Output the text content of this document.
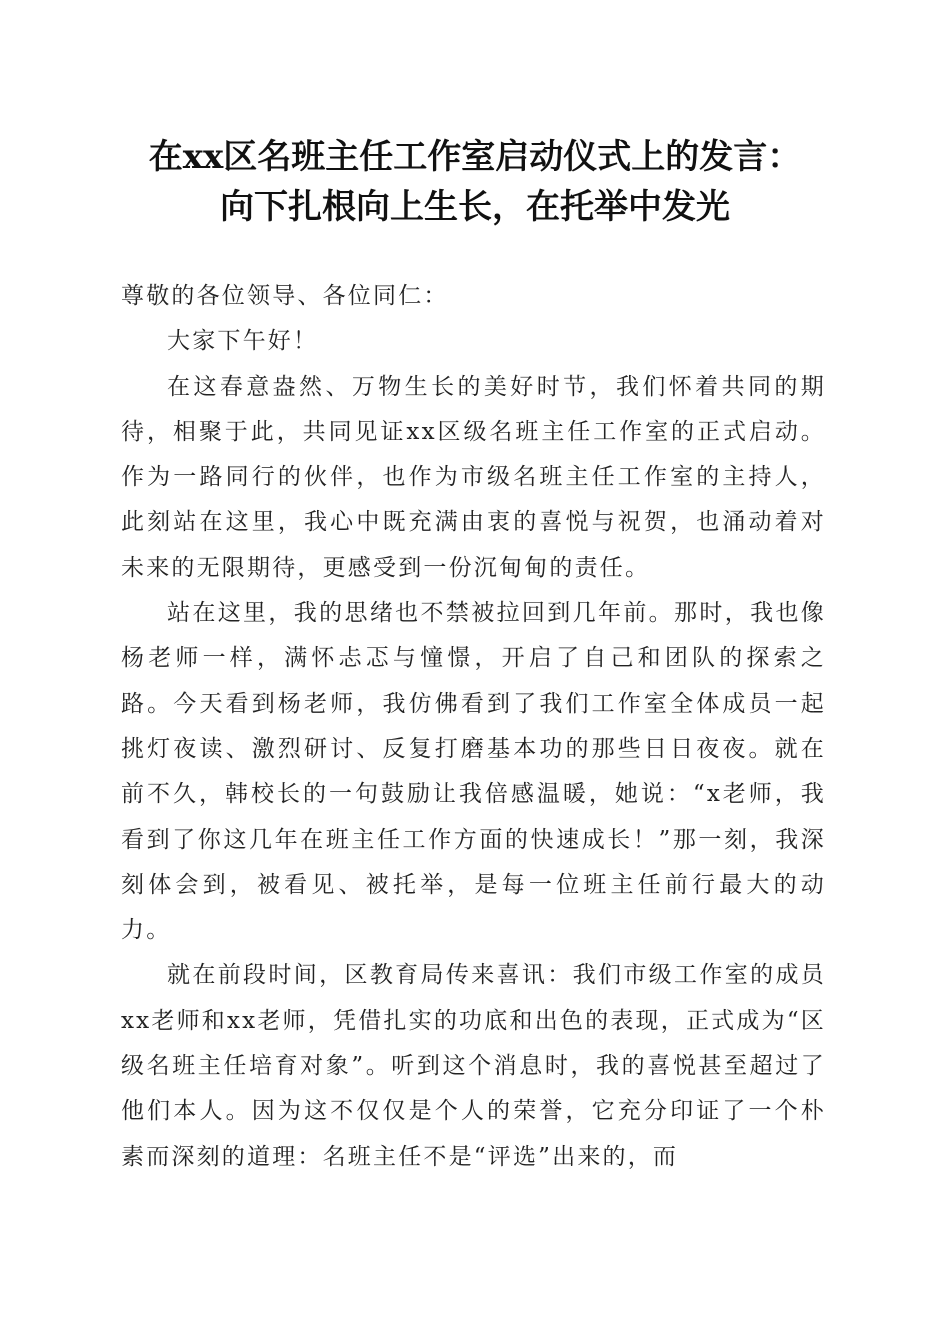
在xx区名班主任工作室启动仪式上的发言：
向下扎根向上生长，在托举中发光

尊敬的各位领导、各位同仁：

大家下午好！

在这春意盎然、万物生长的美好时节，我们怀着共同的期待，相聚于此，共同见证xx区级名班主任工作室的正式启动。作为一路同行的伙伴，也作为市级名班主任工作室的主持人，此刻站在这里，我心中既充满由衷的喜悦与祝贺，也涌动着对未来的无限期待，更感受到一份沉甸甸的责任。

站在这里，我的思绪也不禁被拉回到几年前。那时，我也像杨老师一样，满怀忐忑与憧憬，开启了自己和团队的探索之路。今天看到杨老师，我仿佛看到了我们工作室全体成员一起挑灯夜读、激烈研讨、反复打磨基本功的那些日日夜夜。就在前不久，韩校长的一句鼓励让我倍感温暖，她说：“x老师，我看到了你这几年在班主任工作方面的快速成长！”那一刻，我深刻体会到，被看见、被托举，是每一位班主任前行最大的动力。

就在前段时间，区教育局传来喜讯：我们市级工作室的成员xx老师和xx老师，凭借扎实的功底和出色的表现，正式成为“区级名班主任培育对象”。听到这个消息时，我的喜悦甚至超过了他们本人。因为这不仅仅是个人的荣誉，它充分印证了一个朴素而深刻的道理：名班主任不是“评选”出来的，而
